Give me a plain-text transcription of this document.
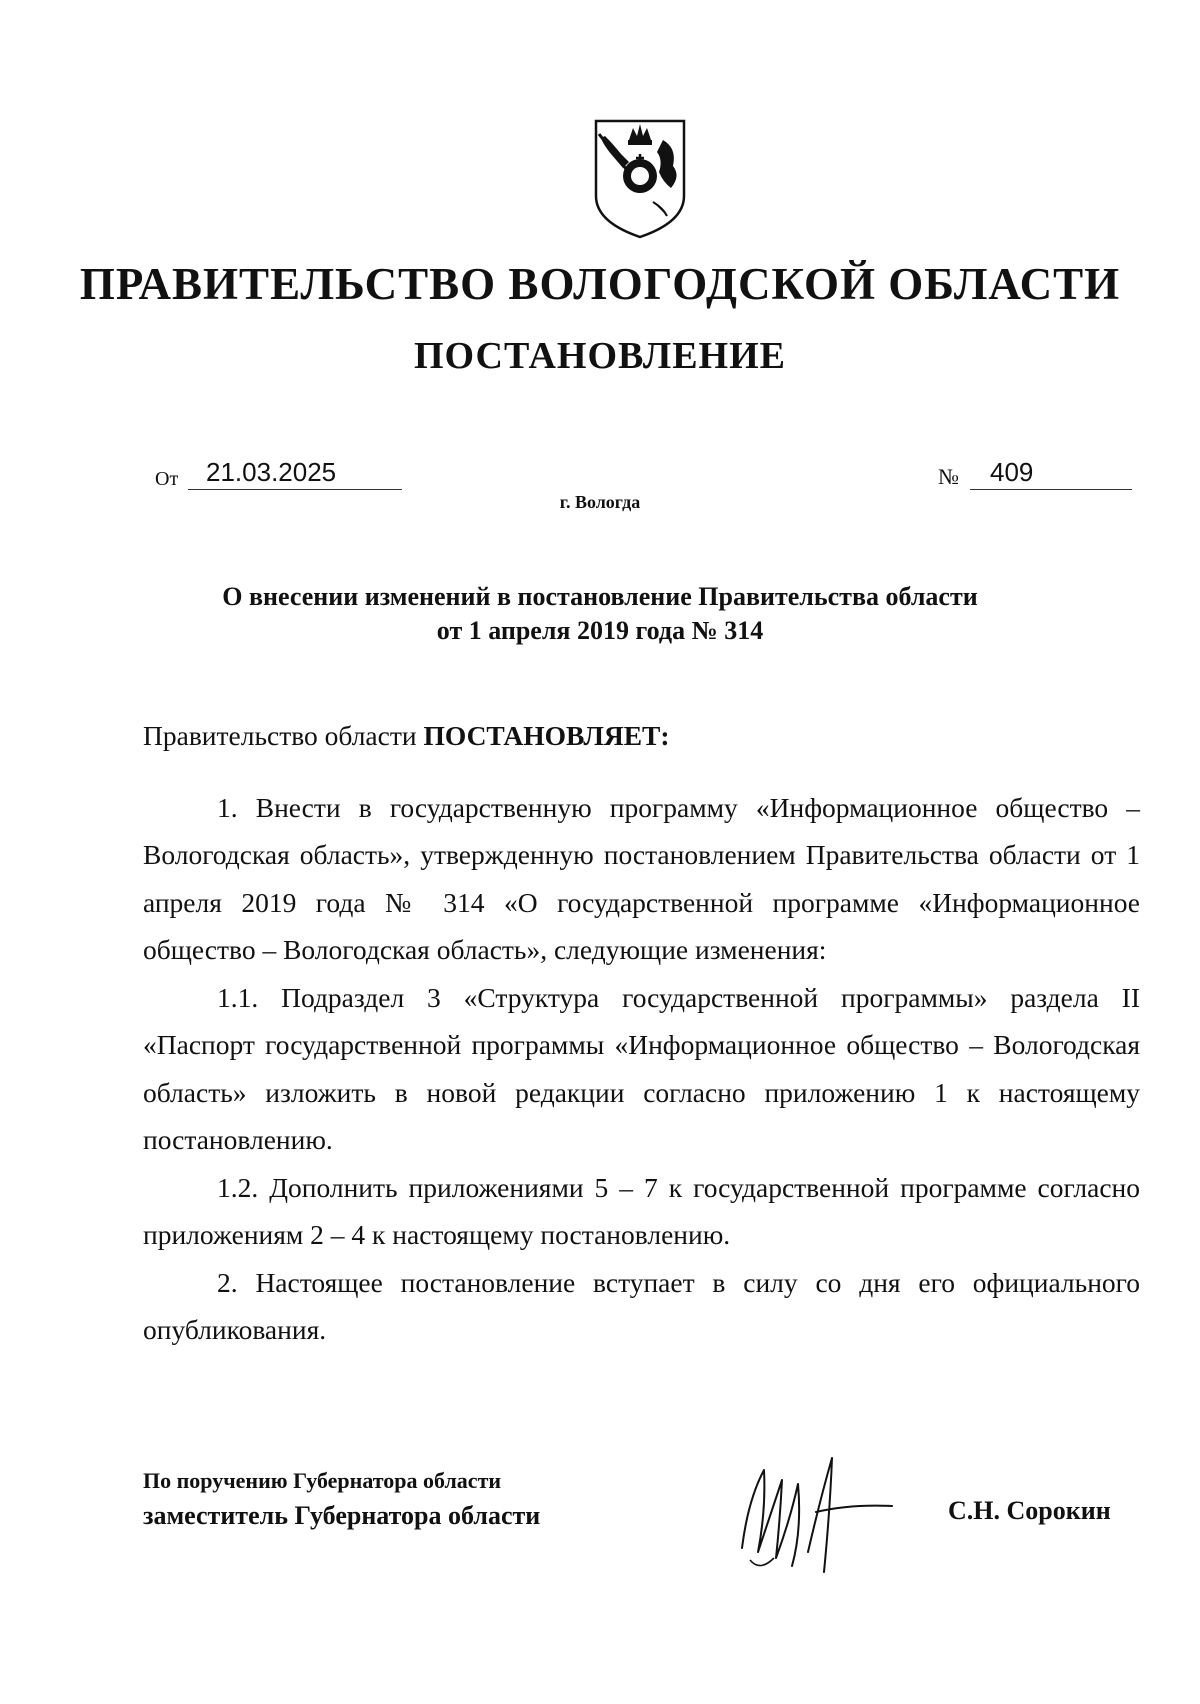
ПРАВИТЕЛЬСТВО ВОЛОГОДСКОЙ ОБЛАСТИ
ПОСТАНОВЛЕНИЕ
От	21.03.2025	№	409
г. Вологда
О внесении изменений в постановление Правительства области
от 1 апреля 2019 года № 314

Правительство области ПОСТАНОВЛЯЕТ:

1. Внести в государственную программу «Информационное общество – Вологодская область», утвержденную постановлением Правительства области от 1 апреля 2019 года № 314 «О государственной программе «Информационное общество – Вологодская область», следующие изменения:

1.1. Подраздел 3 «Структура государственной программы» раздела II «Паспорт государственной программы «Информационное общество – Вологодская область» изложить в новой редакции согласно приложению 1 к настоящему постановлению.

1.2. Дополнить приложениями 5 – 7 к государственной программе согласно приложениям 2 – 4 к настоящему постановлению.

2. Настоящее постановление вступает в силу со дня его официального опубликования.

По поручению Губернатора области
заместитель Губернатора области	С.Н. Сорокин
